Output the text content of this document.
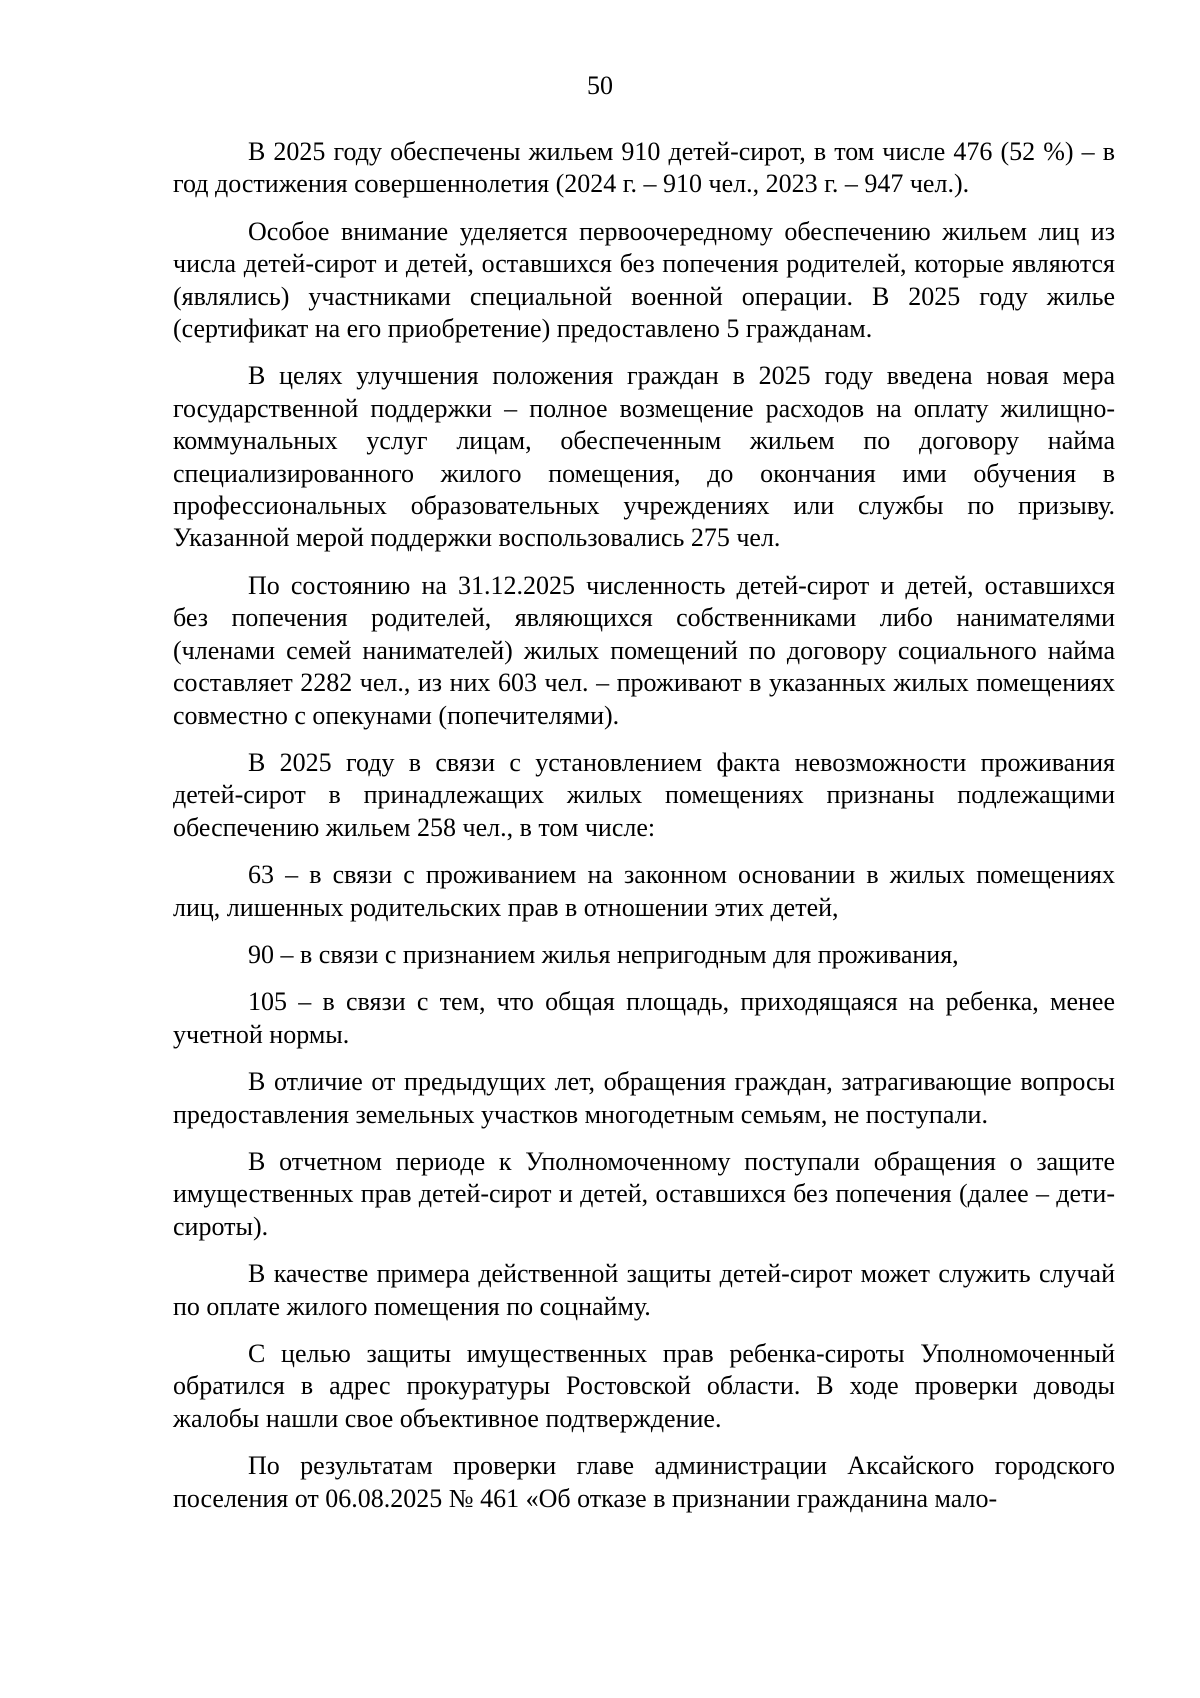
50

В 2025 году обеспечены жильем 910 детей-сирот, в том числе 476 (52 %) – в год достижения совершеннолетия (2024 г. – 910 чел., 2023 г. – 947 чел.).

Особое внимание уделяется первоочередному обеспечению жильем лиц из числа детей-сирот и детей, оставшихся без попечения родителей, которые являются (являлись) участниками специальной военной операции. В 2025 году жилье (сертификат на его приобретение) предоставлено 5 гражданам.

В целях улучшения положения граждан в 2025 году введена новая мера государственной поддержки – полное возмещение расходов на оплату жилищно-коммунальных услуг лицам, обеспеченным жильем по договору найма специализированного жилого помещения, до окончания ими обучения в профессиональных образовательных учреждениях или службы по призыву. Указанной мерой поддержки воспользовались 275 чел.

По состоянию на 31.12.2025 численность детей-сирот и детей, оставшихся без попечения родителей, являющихся собственниками либо нанимателями (членами семей нанимателей) жилых помещений по договору социального найма составляет 2282 чел., из них 603 чел. – проживают в указанных жилых помещениях совместно с опекунами (попечителями).

В 2025 году в связи с установлением факта невозможности проживания детей-сирот в принадлежащих жилых помещениях признаны подлежащими обеспечению жильем 258 чел., в том числе:

63 – в связи с проживанием на законном основании в жилых помещениях лиц, лишенных родительских прав в отношении этих детей,

90 – в связи с признанием жилья непригодным для проживания,

105 – в связи с тем, что общая площадь, приходящаяся на ребенка, менее учетной нормы.

В отличие от предыдущих лет, обращения граждан, затрагивающие вопросы предоставления земельных участков многодетным семьям, не поступали.

В отчетном периоде к Уполномоченному поступали обращения о защите имущественных прав детей-сирот и детей, оставшихся без попечения (далее – дети-сироты).

В качестве примера действенной защиты детей-сирот может служить случай по оплате жилого помещения по соцнайму.

С целью защиты имущественных прав ребенка-сироты Уполномоченный обратился в адрес прокуратуры Ростовской области. В ходе проверки доводы жалобы нашли свое объективное подтверждение.

По результатам проверки главе администрации Аксайского городского поселения от 06.08.2025 № 461 «Об отказе в признании гражданина мало-
